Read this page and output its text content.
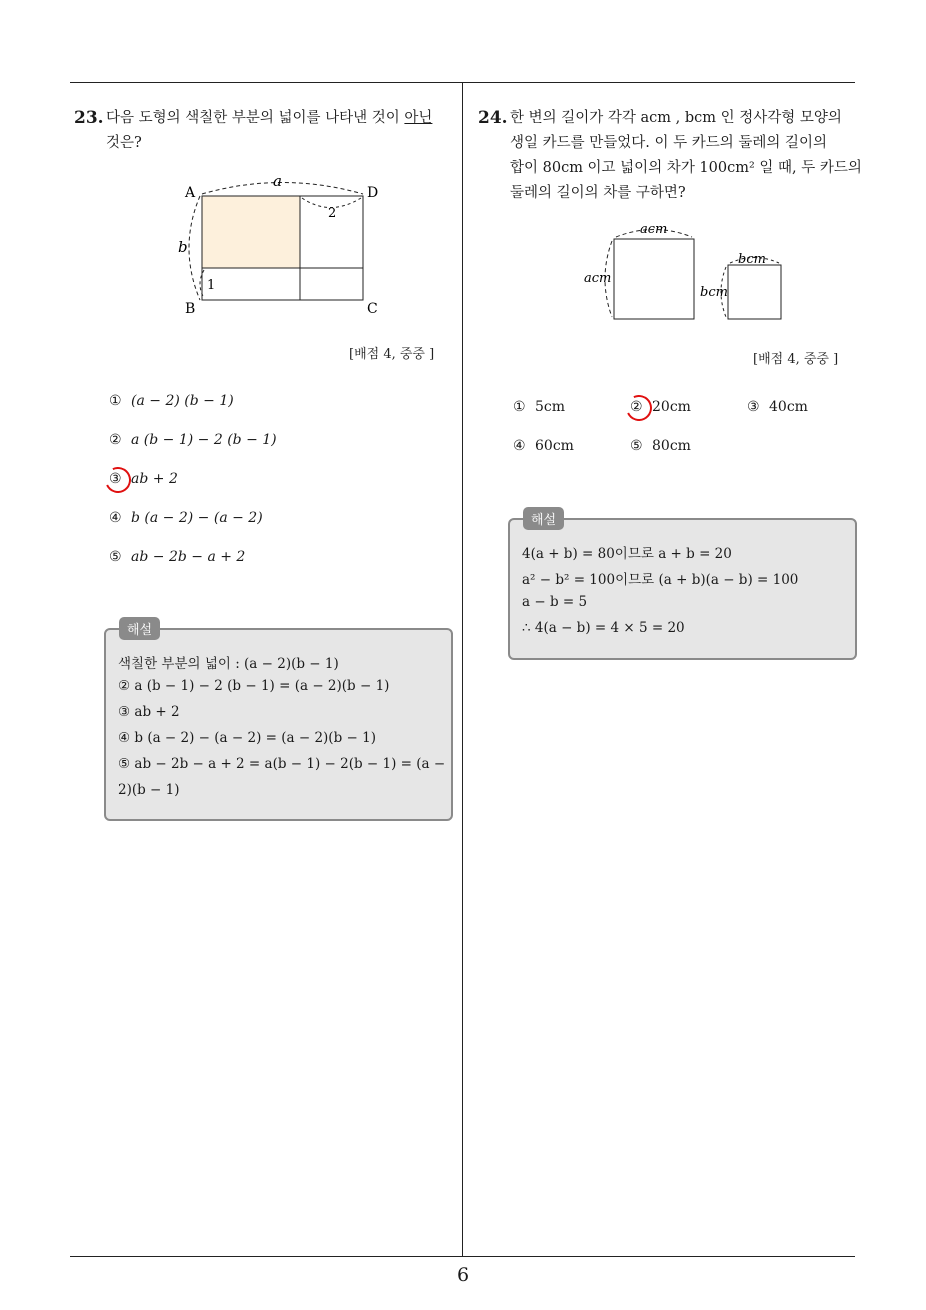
6
23. 다음 도형의 색칠한 부분의 넓이를 나타낸 것이 아닌
것은?
a
b
2
1
A	D
B	C
[배점 4, 중중 ]
① (a − 2) (b − 1)
② a (b − 1) − 2 (b − 1)
③ ab + 2
④ b (a − 2) − (a − 2)
⑤ ab − 2b − a + 2
해설
색칠한 부분의 넓이 : (a − 2)(b − 1)
② a (b − 1) − 2 (b − 1) = (a − 2)(b − 1)
③ ab + 2
④ b (a − 2) − (a − 2) = (a − 2)(b − 1)
⑤ ab − 2b − a + 2 = a(b − 1) − 2(b − 1) = (a −
2)(b − 1)
24. 한 변의 길이가 각각 acm , bcm 인 정사각형 모양의
생일 카드를 만들었다. 이 두 카드의 둘레의 길이의
합이 80cm 이고 넓이의 차가 100cm² 일 때, 두 카드의
둘레의 길이의 차를 구하면?
acm
acm
bcm
bcm
[배점 4, 중중 ]
① 5cm	② 20cm	③ 40cm
④ 60cm	⑤ 80cm
해설
4(a + b) = 80이므로 a + b = 20
a² − b² = 100이므로 (a + b)(a − b) = 100
a − b = 5
∴ 4(a − b) = 4 × 5 = 20
